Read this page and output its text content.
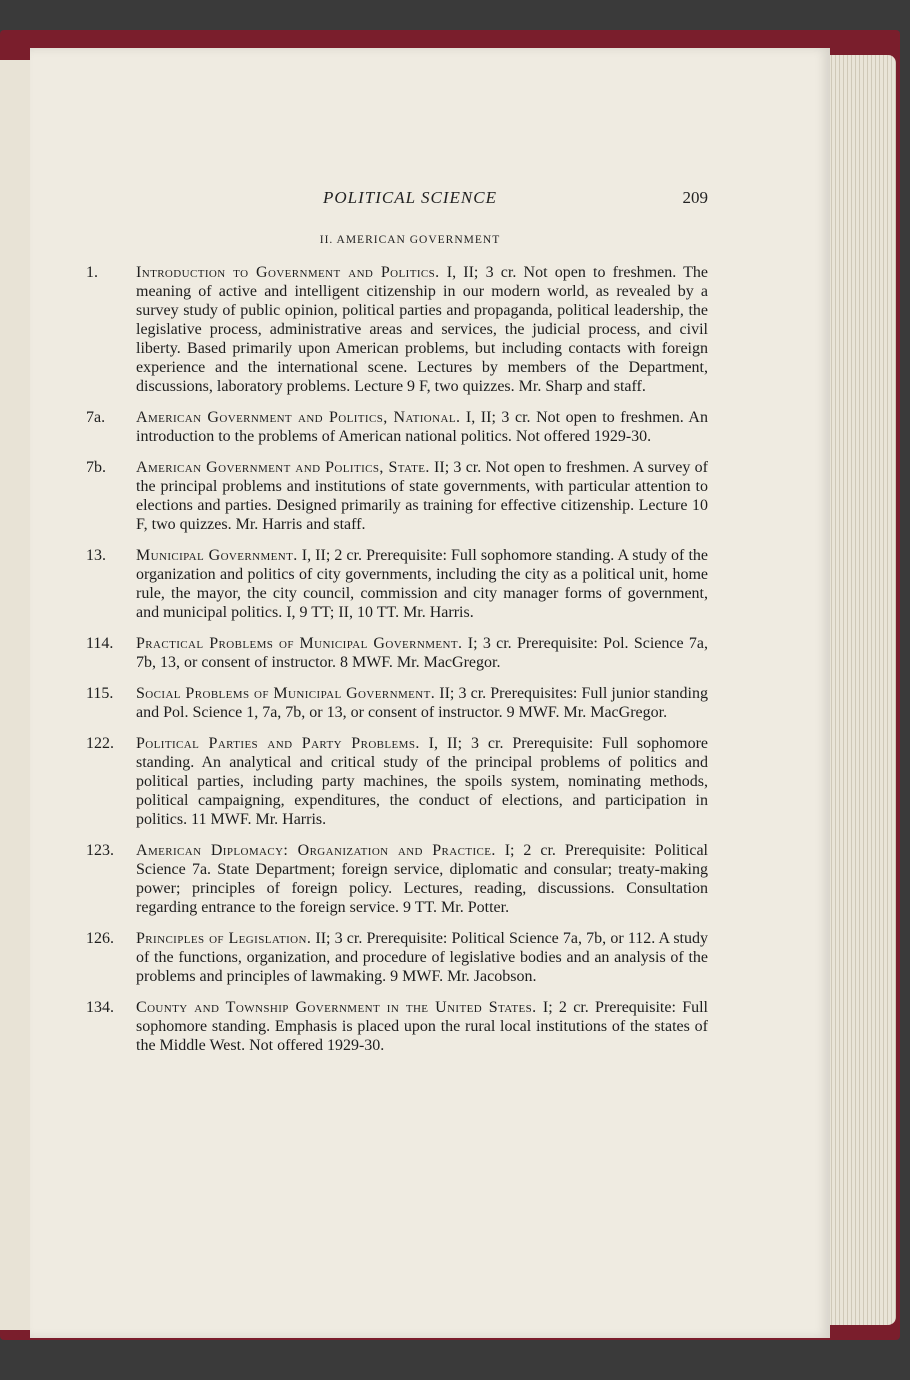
POLITICAL SCIENCE	209
II. AMERICAN GOVERNMENT
1.	Introduction to Government and Politics. I, II; 3 cr. Not open to freshmen. The meaning of active and intelligent citizenship in our modern world, as revealed by a survey study of public opinion, political parties and propaganda, political leadership, the legislative process, administrative areas and services, the judicial process, and civil liberty. Based primarily upon American problems, but including contacts with foreign experience and the international scene. Lectures by members of the Department, discussions, laboratory problems. Lecture 9 F, two quizzes. Mr. Sharp and staff.
7a.	American Government and Politics, National. I, II; 3 cr. Not open to freshmen. An introduction to the problems of American national politics. Not offered 1929-30.
7b.	American Government and Politics, State. II; 3 cr. Not open to freshmen. A survey of the principal problems and institutions of state governments, with particular attention to elections and parties. Designed primarily as training for effective citizenship. Lecture 10 F, two quizzes. Mr. Harris and staff.
13.	Municipal Government. I, II; 2 cr. Prerequisite: Full sophomore standing. A study of the organization and politics of city governments, including the city as a political unit, home rule, the mayor, the city council, commission and city manager forms of government, and municipal politics. I, 9 TT; II, 10 TT. Mr. Harris.
114.	Practical Problems of Municipal Government. I; 3 cr. Prerequisite: Pol. Science 7a, 7b, 13, or consent of instructor. 8 MWF. Mr. MacGregor.
115.	Social Problems of Municipal Government. II; 3 cr. Prerequisites: Full junior standing and Pol. Science 1, 7a, 7b, or 13, or consent of instructor. 9 MWF. Mr. MacGregor.
122.	Political Parties and Party Problems. I, II; 3 cr. Prerequisite: Full sophomore standing. An analytical and critical study of the principal problems of politics and political parties, including party machines, the spoils system, nominating methods, political campaigning, expenditures, the conduct of elections, and participation in politics. 11 MWF. Mr. Harris.
123.	American Diplomacy: Organization and Practice. I; 2 cr. Prerequisite: Political Science 7a. State Department; foreign service, diplomatic and consular; treaty-making power; principles of foreign policy. Lectures, reading, discussions. Consultation regarding entrance to the foreign service. 9 TT. Mr. Potter.
126.	Principles of Legislation. II; 3 cr. Prerequisite: Political Science 7a, 7b, or 112. A study of the functions, organization, and procedure of legislative bodies and an analysis of the problems and principles of lawmaking. 9 MWF. Mr. Jacobson.
134.	County and Township Government in the United States. I; 2 cr. Prerequisite: Full sophomore standing. Emphasis is placed upon the rural local institutions of the states of the Middle West. Not offered 1929-30.
